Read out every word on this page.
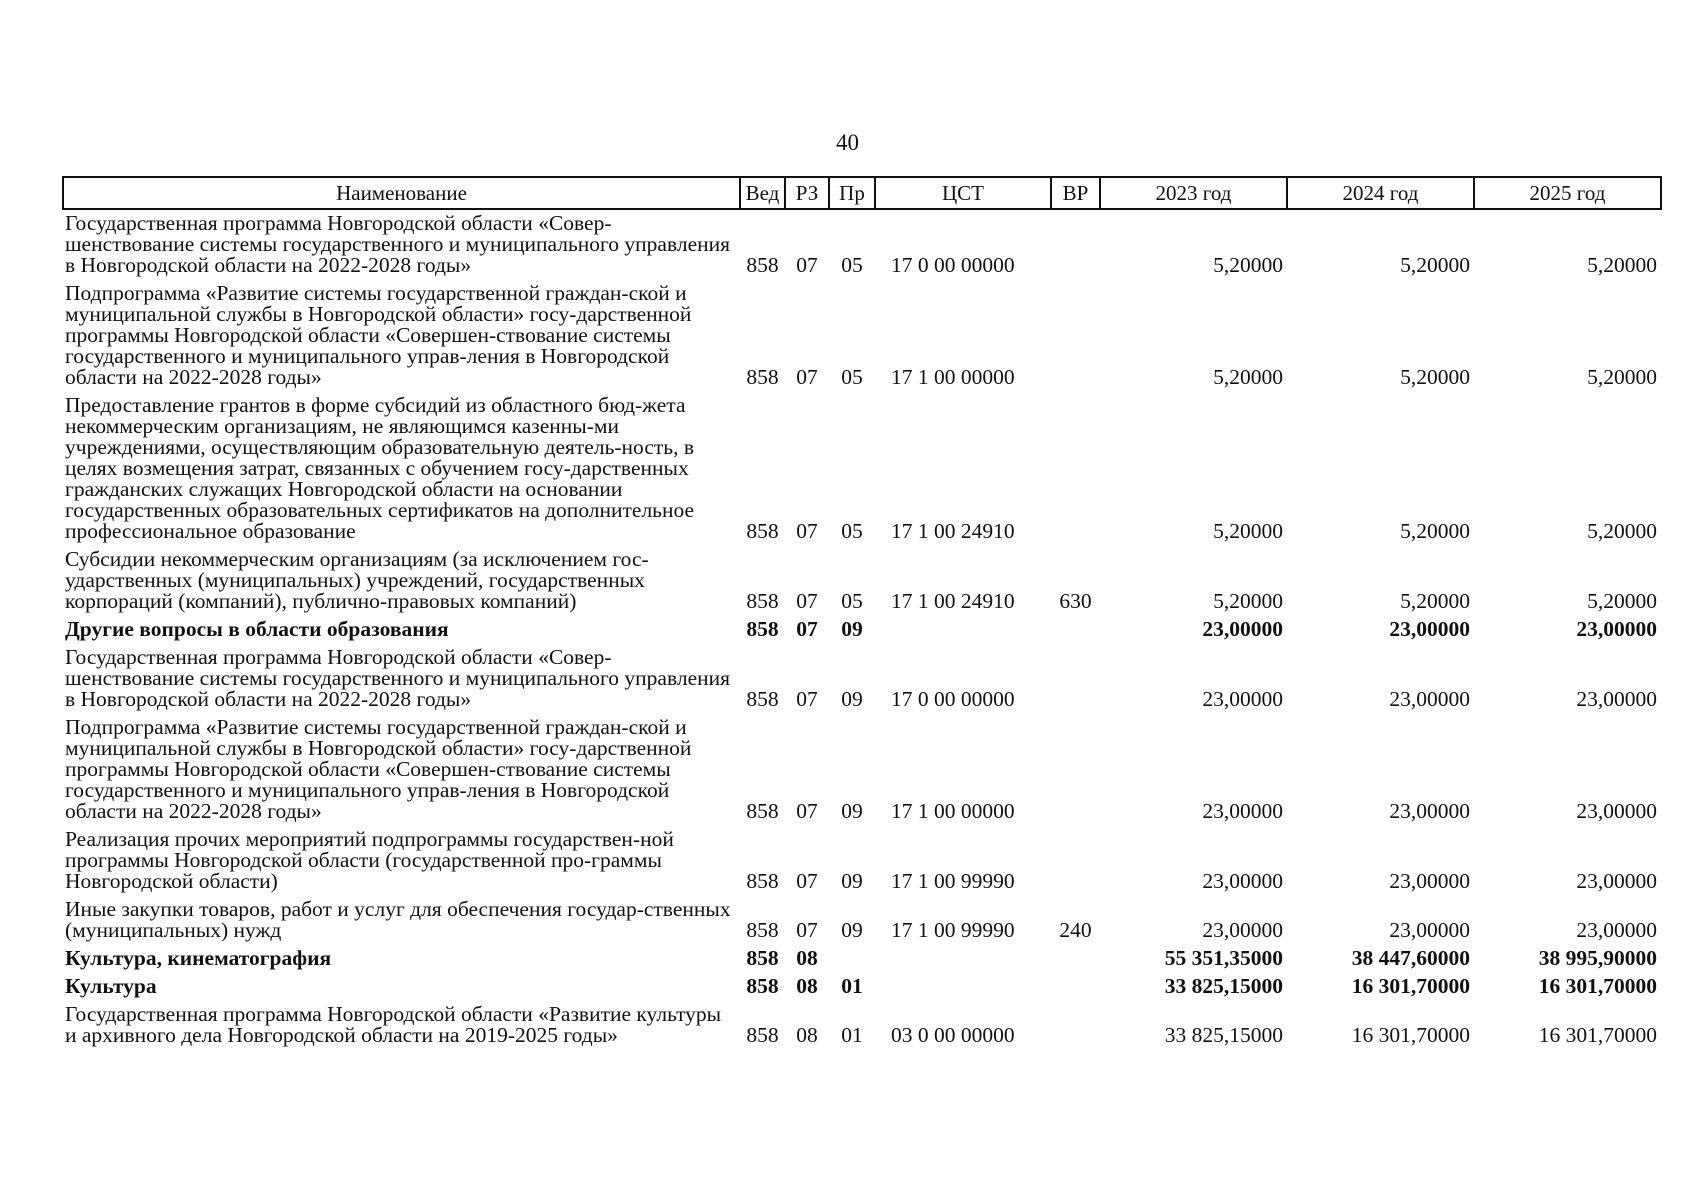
40
Наименование	Вед	РЗ	Пр	ЦСТ	ВР	2023 год	2024 год	2025 год
Государственная программа Новгородской области «Совер-шенствование системы государственного и муниципального управления в Новгородской области на 2022-2028 годы»	858	07	05	17 0 00 00000		5,20000	5,20000	5,20000
Подпрограмма «Развитие системы государственной граждан-ской и муниципальной службы в Новгородской области» госу-дарственной программы Новгородской области «Совершен-ствование системы государственного и муниципального управ-ления в Новгородской области на 2022-2028 годы»	858	07	05	17 1 00 00000		5,20000	5,20000	5,20000
Предоставление грантов в форме субсидий из областного бюд-жета некоммерческим организациям, не являющимся казенны-ми учреждениями, осуществляющим образовательную деятель-ность, в целях возмещения затрат, связанных с обучением госу-дарственных гражданских служащих Новгородской области на основании государственных образовательных сертификатов на дополнительное профессиональное образование	858	07	05	17 1 00 24910		5,20000	5,20000	5,20000
Субсидии некоммерческим организациям (за исключением гос-ударственных (муниципальных) учреждений, государственных корпораций (компаний), публично-правовых компаний)	858	07	05	17 1 00 24910	630	5,20000	5,20000	5,20000
Другие вопросы в области образования	858	07	09			23,00000	23,00000	23,00000
Государственная программа Новгородской области «Совер-шенствование системы государственного и муниципального управления в Новгородской области на 2022-2028 годы»	858	07	09	17 0 00 00000		23,00000	23,00000	23,00000
Подпрограмма «Развитие системы государственной граждан-ской и муниципальной службы в Новгородской области» госу-дарственной программы Новгородской области «Совершен-ствование системы государственного и муниципального управ-ления в Новгородской области на 2022-2028 годы»	858	07	09	17 1 00 00000		23,00000	23,00000	23,00000
Реализация прочих мероприятий подпрограммы государствен-ной программы Новгородской области (государственной про-граммы Новгородской области)	858	07	09	17 1 00 99990		23,00000	23,00000	23,00000
Иные закупки товаров, работ и услуг для обеспечения государ-ственных (муниципальных) нужд	858	07	09	17 1 00 99990	240	23,00000	23,00000	23,00000
Культура, кинематография	858	08				55 351,35000	38 447,60000	38 995,90000
Культура	858	08	01			33 825,15000	16 301,70000	16 301,70000
Государственная программа Новгородской области «Развитие культуры и архивного дела Новгородской области на 2019-2025 годы»	858	08	01	03 0 00 00000		33 825,15000	16 301,70000	16 301,70000
